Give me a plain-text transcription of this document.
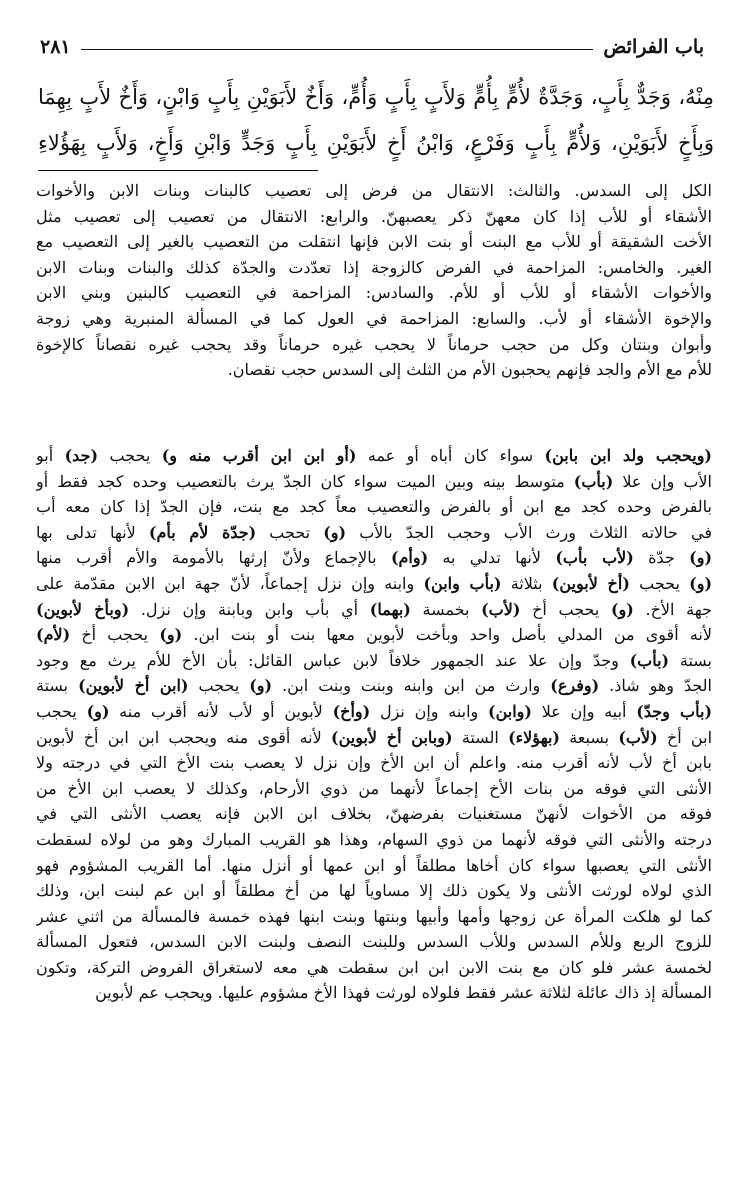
باب الفرائض
٢٨١
مِنْهُ، وَجَدٌّ بِأَبٍ، وَجَدَّةٌ لأُمٍّ بِأُمٍّ وَلأَبٍ بِأَبٍ وَأُمٍّ، وَأَخٌ لأَبَوَيْنِ بِأَبٍ وَابْنٍ، وَأَخٌ لأَبٍ بِهِمَا
وَبِأَخٍ لأَبَوَيْنِ، وَلأُمٍّ بِأَبٍ وَفَرْعٍ، وَابْنُ أَخٍ لأَبَوَيْنِ بِأَبٍ وَجَدٍّ وَابْنِ وَأَخٍ، وَلأَبٍ بِهَؤُلاءِ
الكل إلى السدس. والثالث: الانتقال من فرض إلى تعصيب كالبنات وبنات الابن والأخوات
الأشقاء أو للأب إذا كان معهنّ ذكر يعصبهنّ. والرابع: الانتقال من تعصيب إلى تعصيب مثل
الأخت الشقيقة أو للأب مع البنت أو بنت الابن فإنها انتقلت من التعصيب بالغير إلى التعصيب مع
الغير. والخامس: المزاحمة في الفرض كالزوجة إذا تعدّدت والجدّة كذلك والبنات وبنات الابن
والأخوات الأشقاء أو للأب أو للأم. والسادس: المزاحمة في التعصيب كالبنين وبني الابن
والإخوة الأشقاء أو لأب. والسابع: المزاحمة في العول كما في المسألة المنبرية وهي زوجة
وأبوان وبنتان وكل من حجب حرماناً لا يحجب غيره حرماناً وقد يحجب غيره نقصاناً كالإخوة
للأم مع الأم والجد فإنهم يحجبون الأم من الثلث إلى السدس حجب نقصان.
(ويحجب ولد ابن بابن) سواء كان أباه أو عمه (أو ابن ابن أقرب منه و) يحجب (جد) أبو
الأب وإن علا (بأب) متوسط بينه وبين الميت سواء كان الجدّ يرث بالتعصيب وحده كجد فقط أو
بالفرض وحده كجد مع ابن أو بالفرض والتعصيب معاً كجد مع بنت، فإن الجدّ إذا كان معه أب
في حالاته الثلاث ورث الأب وحجب الجدّ بالأب (و) تحجب (جدّة لأم بأم) لأنها تدلى بها
(و) جدّة (لأب بأب) لأنها تدلي به (وأم) بالإجماع ولأنّ إرثها بالأمومة والأم أقرب منها
(و) يحجب (أخ لأبوين) بثلاثة (بأب وابن) وابنه وإن نزل إجماعاً، لأنّ جهة ابن الابن مقدّمة على
جهة الأخ. (و) يحجب أخ (لأب) بخمسة (بهما) أي بأب وابن وبابنة وإن نزل. (وبأخ لأبوين)
لأنه أقوى من المدلي بأصل واحد وبأخت لأبوين معها بنت أو بنت ابن. (و) يحجب أخ (لأم)
بستة (بأب) وجدّ وإن علا عند الجمهور خلافاً لابن عباس القائل: بأن الأخ للأم يرث مع وجود
الجدّ وهو شاذ. (وفرع) وارث من ابن وابنه وبنت وبنت ابن. (و) يحجب (ابن أخ لأبوين) بستة
(بأب وجدّ) أبيه وإن علا (وابن) وابنه وإن نزل (وأخ) لأبوين أو لأب لأنه أقرب منه (و) يحجب
ابن أخ (لأب) بسبعة (بهؤلاء) الستة (وبابن أخ لأبوين) لأنه أقوى منه ويحجب ابن ابن أخ لأبوين
بابن أخ لأب لأنه أقرب منه. واعلم أن ابن الأخ وإن نزل لا يعصب بنت الأخ التي في درجته ولا
الأنثى التي فوقه من بنات الأخ إجماعاً لأنهما من ذوي الأرحام، وكذلك لا يعصب ابن الأخ من
فوقه من الأخوات لأنهنّ مستغنيات بفرضهنّ، بخلاف ابن الابن فإنه يعصب الأنثى التي في
درجته والأنثى التي فوقه لأنهما من ذوي السهام، وهذا هو القريب المبارك وهو من لولاه لسقطت
الأنثى التي يعصبها سواء كان أخاها مطلقاً أو ابن عمها أو أنزل منها. أما القريب المشؤوم فهو
الذي لولاه لورثت الأنثى ولا يكون ذلك إلا مساوياً لها من أخ مطلقاً أو ابن عم لبنت ابن، وذلك
كما لو هلكت المرأة عن زوجها وأمها وأبيها وبنتها وبنت ابنها فهذه خمسة فالمسألة من اثني عشر
للزوج الربع وللأم السدس وللأب السدس وللبنت النصف ولبنت الابن السدس، فتعول المسألة
لخمسة عشر فلو كان مع بنت الابن ابن ابن سقطت هي معه لاستغراق الفروض التركة، وتكون
المسألة إذ ذاك عائلة لثلاثة عشر فقط فلولاه لورثت فهذا الأخ مشؤوم عليها. ويحجب عم لأبوين
